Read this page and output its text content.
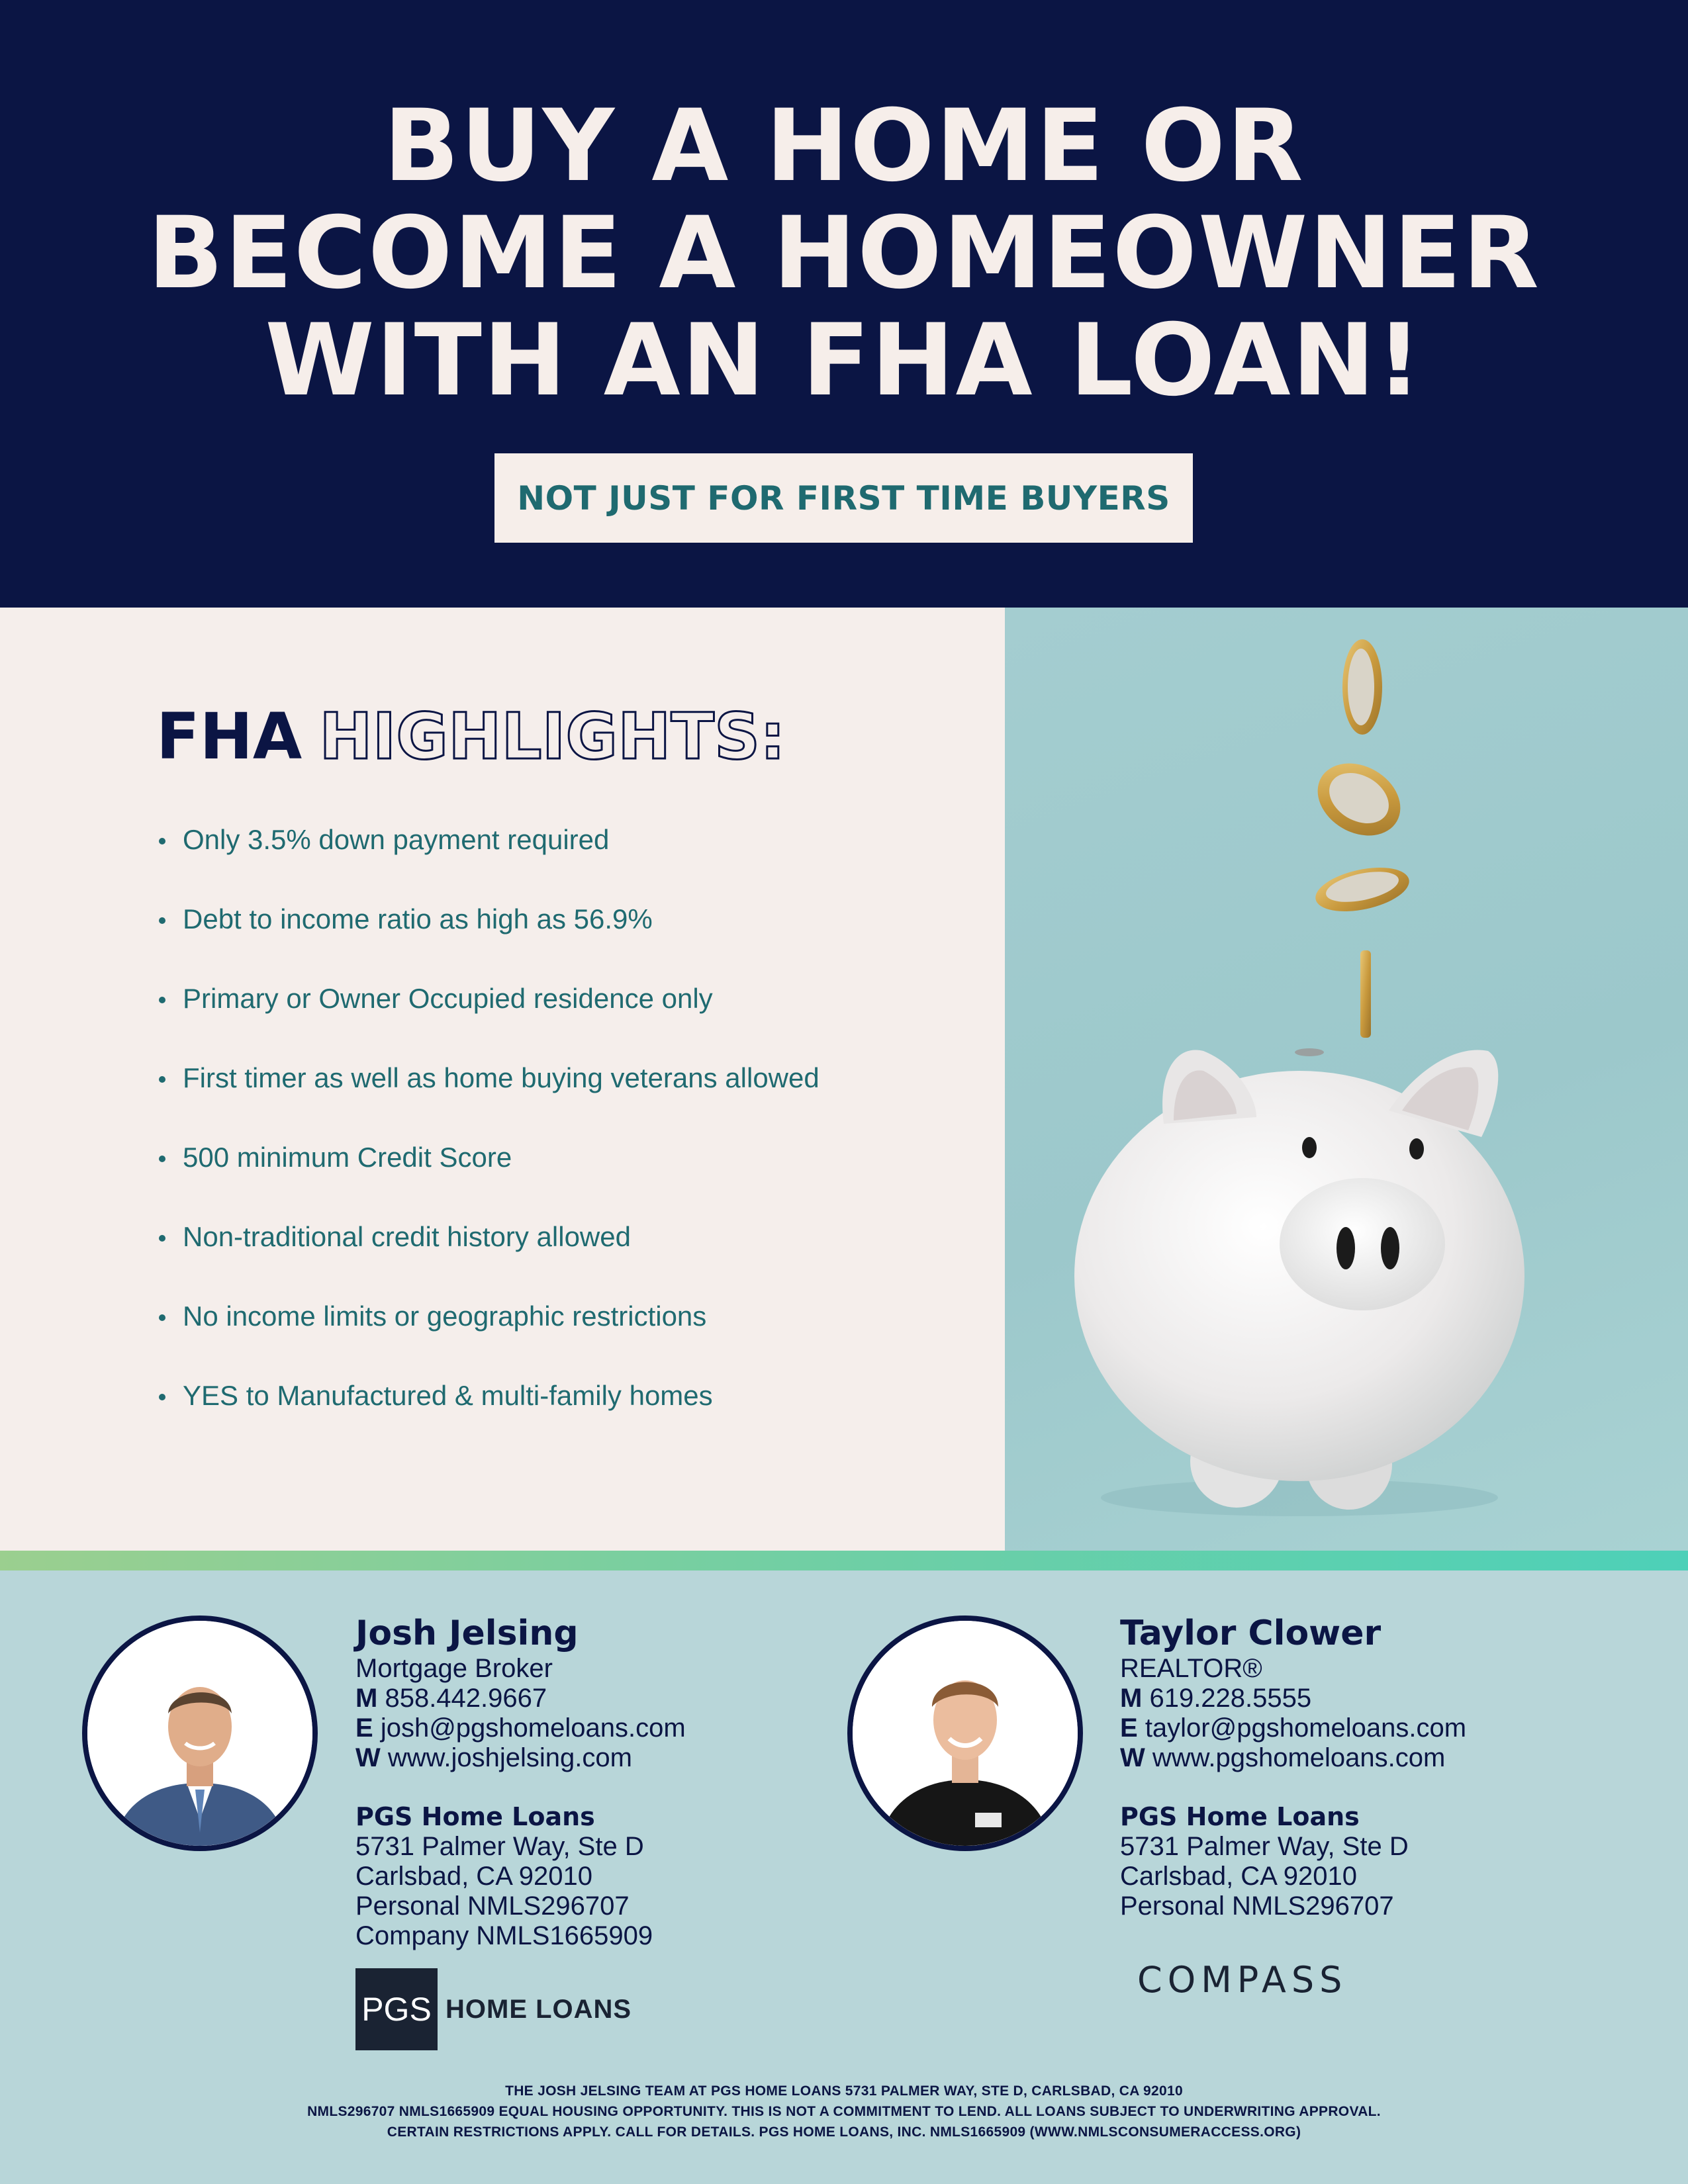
BUY A HOME OR
BECOME A HOMEOWNER
WITH AN FHA LOAN!
NOT JUST FOR FIRST TIME BUYERS
FHA HIGHLIGHTS:
Only 3.5% down payment required
Debt to income ratio as high as 56.9%
Primary or Owner Occupied residence only
First timer as well as home buying veterans allowed
500 minimum Credit Score
Non-traditional credit history allowed
No income limits or geographic restrictions
YES to Manufactured & multi-family homes
Josh Jelsing
Mortgage Broker
M 858.442.9667
E josh@pgshomeloans.com
W www.joshjelsing.com
PGS Home Loans
5731 Palmer Way, Ste D
Carlsbad, CA 92010
Personal NMLS296707
Company NMLS1665909
PGS HOME LOANS
Taylor Clower
REALTOR®
M 619.228.5555
E taylor@pgshomeloans.com
W www.pgshomeloans.com
PGS Home Loans
5731 Palmer Way, Ste D
Carlsbad, CA 92010
Personal NMLS296707
COMPASS
THE JOSH JELSING TEAM AT PGS HOME LOANS 5731 PALMER WAY, STE D, CARLSBAD, CA 92010
NMLS296707 NMLS1665909 EQUAL HOUSING OPPORTUNITY. THIS IS NOT A COMMITMENT TO LEND. ALL LOANS SUBJECT TO UNDERWRITING APPROVAL.
CERTAIN RESTRICTIONS APPLY. CALL FOR DETAILS. PGS HOME LOANS, INC. NMLS1665909 (WWW.NMLSCONSUMERACCESS.ORG)
